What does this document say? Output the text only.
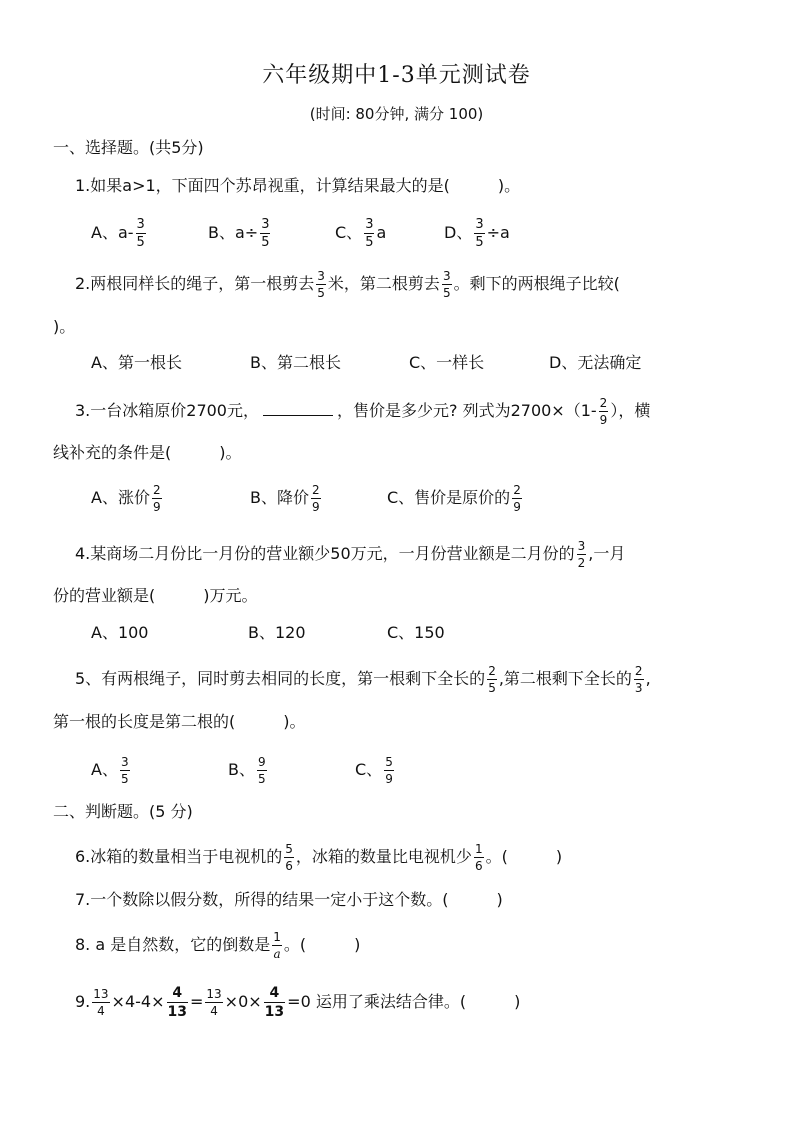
六年级期中1-3单元测试卷
(时间: 80分钟, 满分 100)
一、选择题。(共5分)
1.如果a>1，下面四个苏昂视重，计算结果最大的是(　　　)。
A、$a- \frac{3}{5}$	B、$a\div \frac{3}{5}$	C、 $\frac{3}{5}$ a	D、 $\frac{3}{5} \div a$
2.两根同样长的绳子，第一根剪去 $\frac{3}{5}$ 米，第二根剪去 $\frac{3}{5}$ 。剩下的两根绳子比较(
)。
A、第一根长	B、第二根长	C、一样长	D、无法确定
3.一台冰箱原价2700元，	，售价是多少元? 列式为$2700\times(1- \frac{2}{9}$ ），横
线补充的条件是(　　　)。
A、涨价 $\frac{2}{9}$	B、降价 $\frac{2}{9}$	C、售价是原价的 $\frac{2}{9}$
4.某商场二月份比一月份的营业额少50万元，一月份营业额是二月份的 $\frac{3}{2}$ ,一月
份的营业额是(　　　)万元。
A、100	B、120	C、150
5、有两根绳子，同时剪去相同的长度，第一根剩下全长的 $\frac{2}{5}$ ,第二根剩下全长的 $\frac{2}{3}$ ,
第一根的长度是第二根的(　　　)。
A、 $\frac{3}{5}$	B、 $\frac{9}{5}$	C、 $\frac{5}{9}$
二、判断题。(5 分)
6.冰箱的数量相当于电视机的 $\frac{5}{6}$ ，冰箱的数量比电视机少 $\frac{1}{6}$ 。(　　　)
7.一个数除以假分数，所得的结果一定小于这个数。(　　　)
8. a 是自然数，它的倒数是 $\frac{1}{a}$ 。(　　　)
9. $\frac{13}{4} \times 4-4\times \frac{4}{13} = \frac{13}{4} \times 0\times \frac{4}{13} =0$ 运用了乘法结合律。(　　　)
